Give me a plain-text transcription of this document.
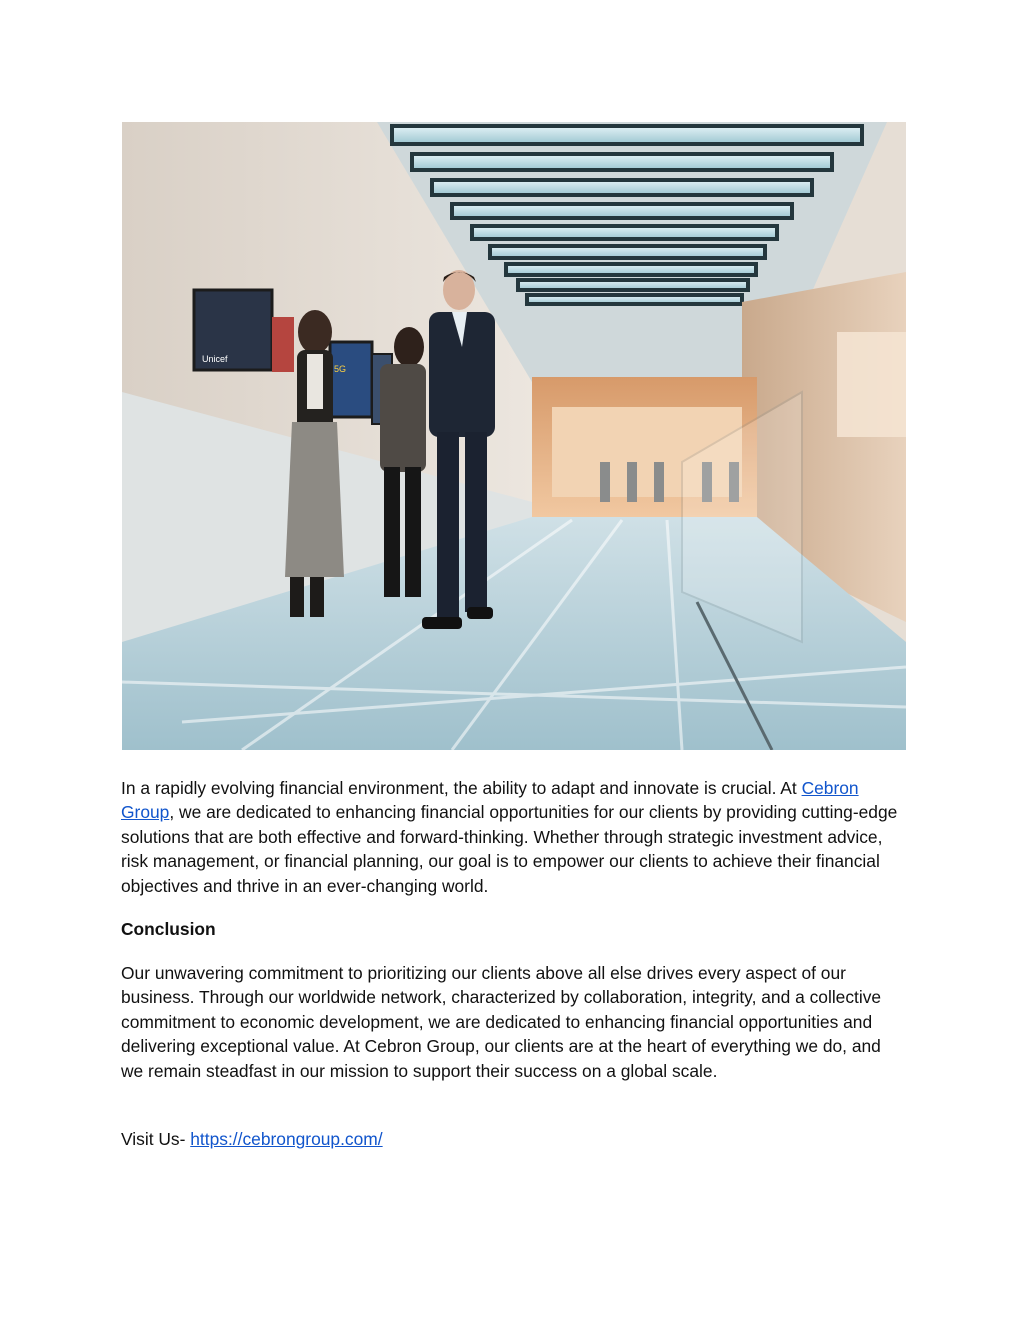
Unicef
5G
In a rapidly evolving financial environment, the ability to adapt and innovate is crucial. At Cebron Group, we are dedicated to enhancing financial opportunities for our clients by providing cutting-edge solutions that are both effective and forward-thinking. Whether through strategic investment advice, risk management, or financial planning, our goal is to empower our clients to achieve their financial objectives and thrive in an ever-changing world.
Conclusion
Our unwavering commitment to prioritizing our clients above all else drives every aspect of our business. Through our worldwide network, characterized by collaboration, integrity, and a collective commitment to economic development, we are dedicated to enhancing financial opportunities and delivering exceptional value. At Cebron Group, our clients are at the heart of everything we do, and we remain steadfast in our mission to support their success on a global scale.
Visit Us- https://cebrongroup.com/
